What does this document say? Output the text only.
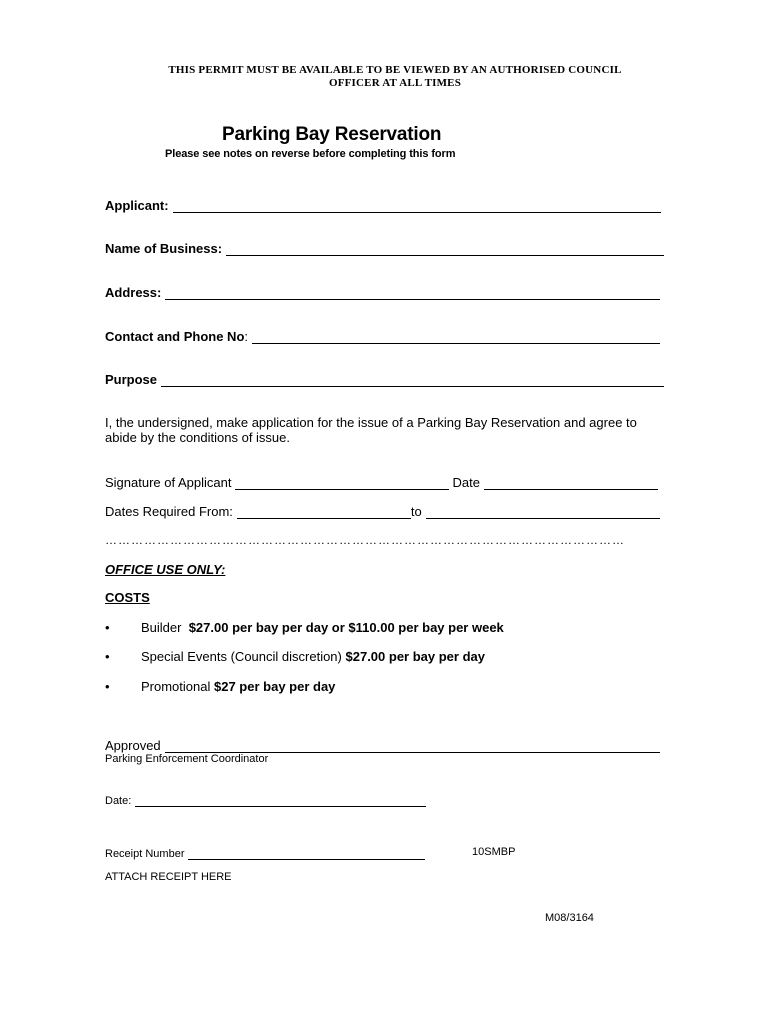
THIS PERMIT MUST BE AVAILABLE TO BE VIEWED BY AN AUTHORISED COUNCIL
OFFICER AT ALL TIMES
Parking Bay Reservation
Please see notes on reverse before completing this form
Applicant:
Name of Business:
Address:
Contact and Phone No :
Purpose
I, the undersigned, make application for the issue of a Parking Bay Reservation and agree to abide by the conditions of issue.
Signature of Applicant	Date
Dates Required From:	to
…………………………………………………………………………………………………………
OFFICE USE ONLY:
COSTS
•	Builder
$27.00 per bay per day or $110.00 per bay per week
•	Special Events (Council discretion)
$27.00 per bay per day
•	Promotional
$27 per bay per day
Approved
Parking Enforcement Coordinator
Date:
Receipt Number	10SMBP
ATTACH RECEIPT HERE
M08/3164
